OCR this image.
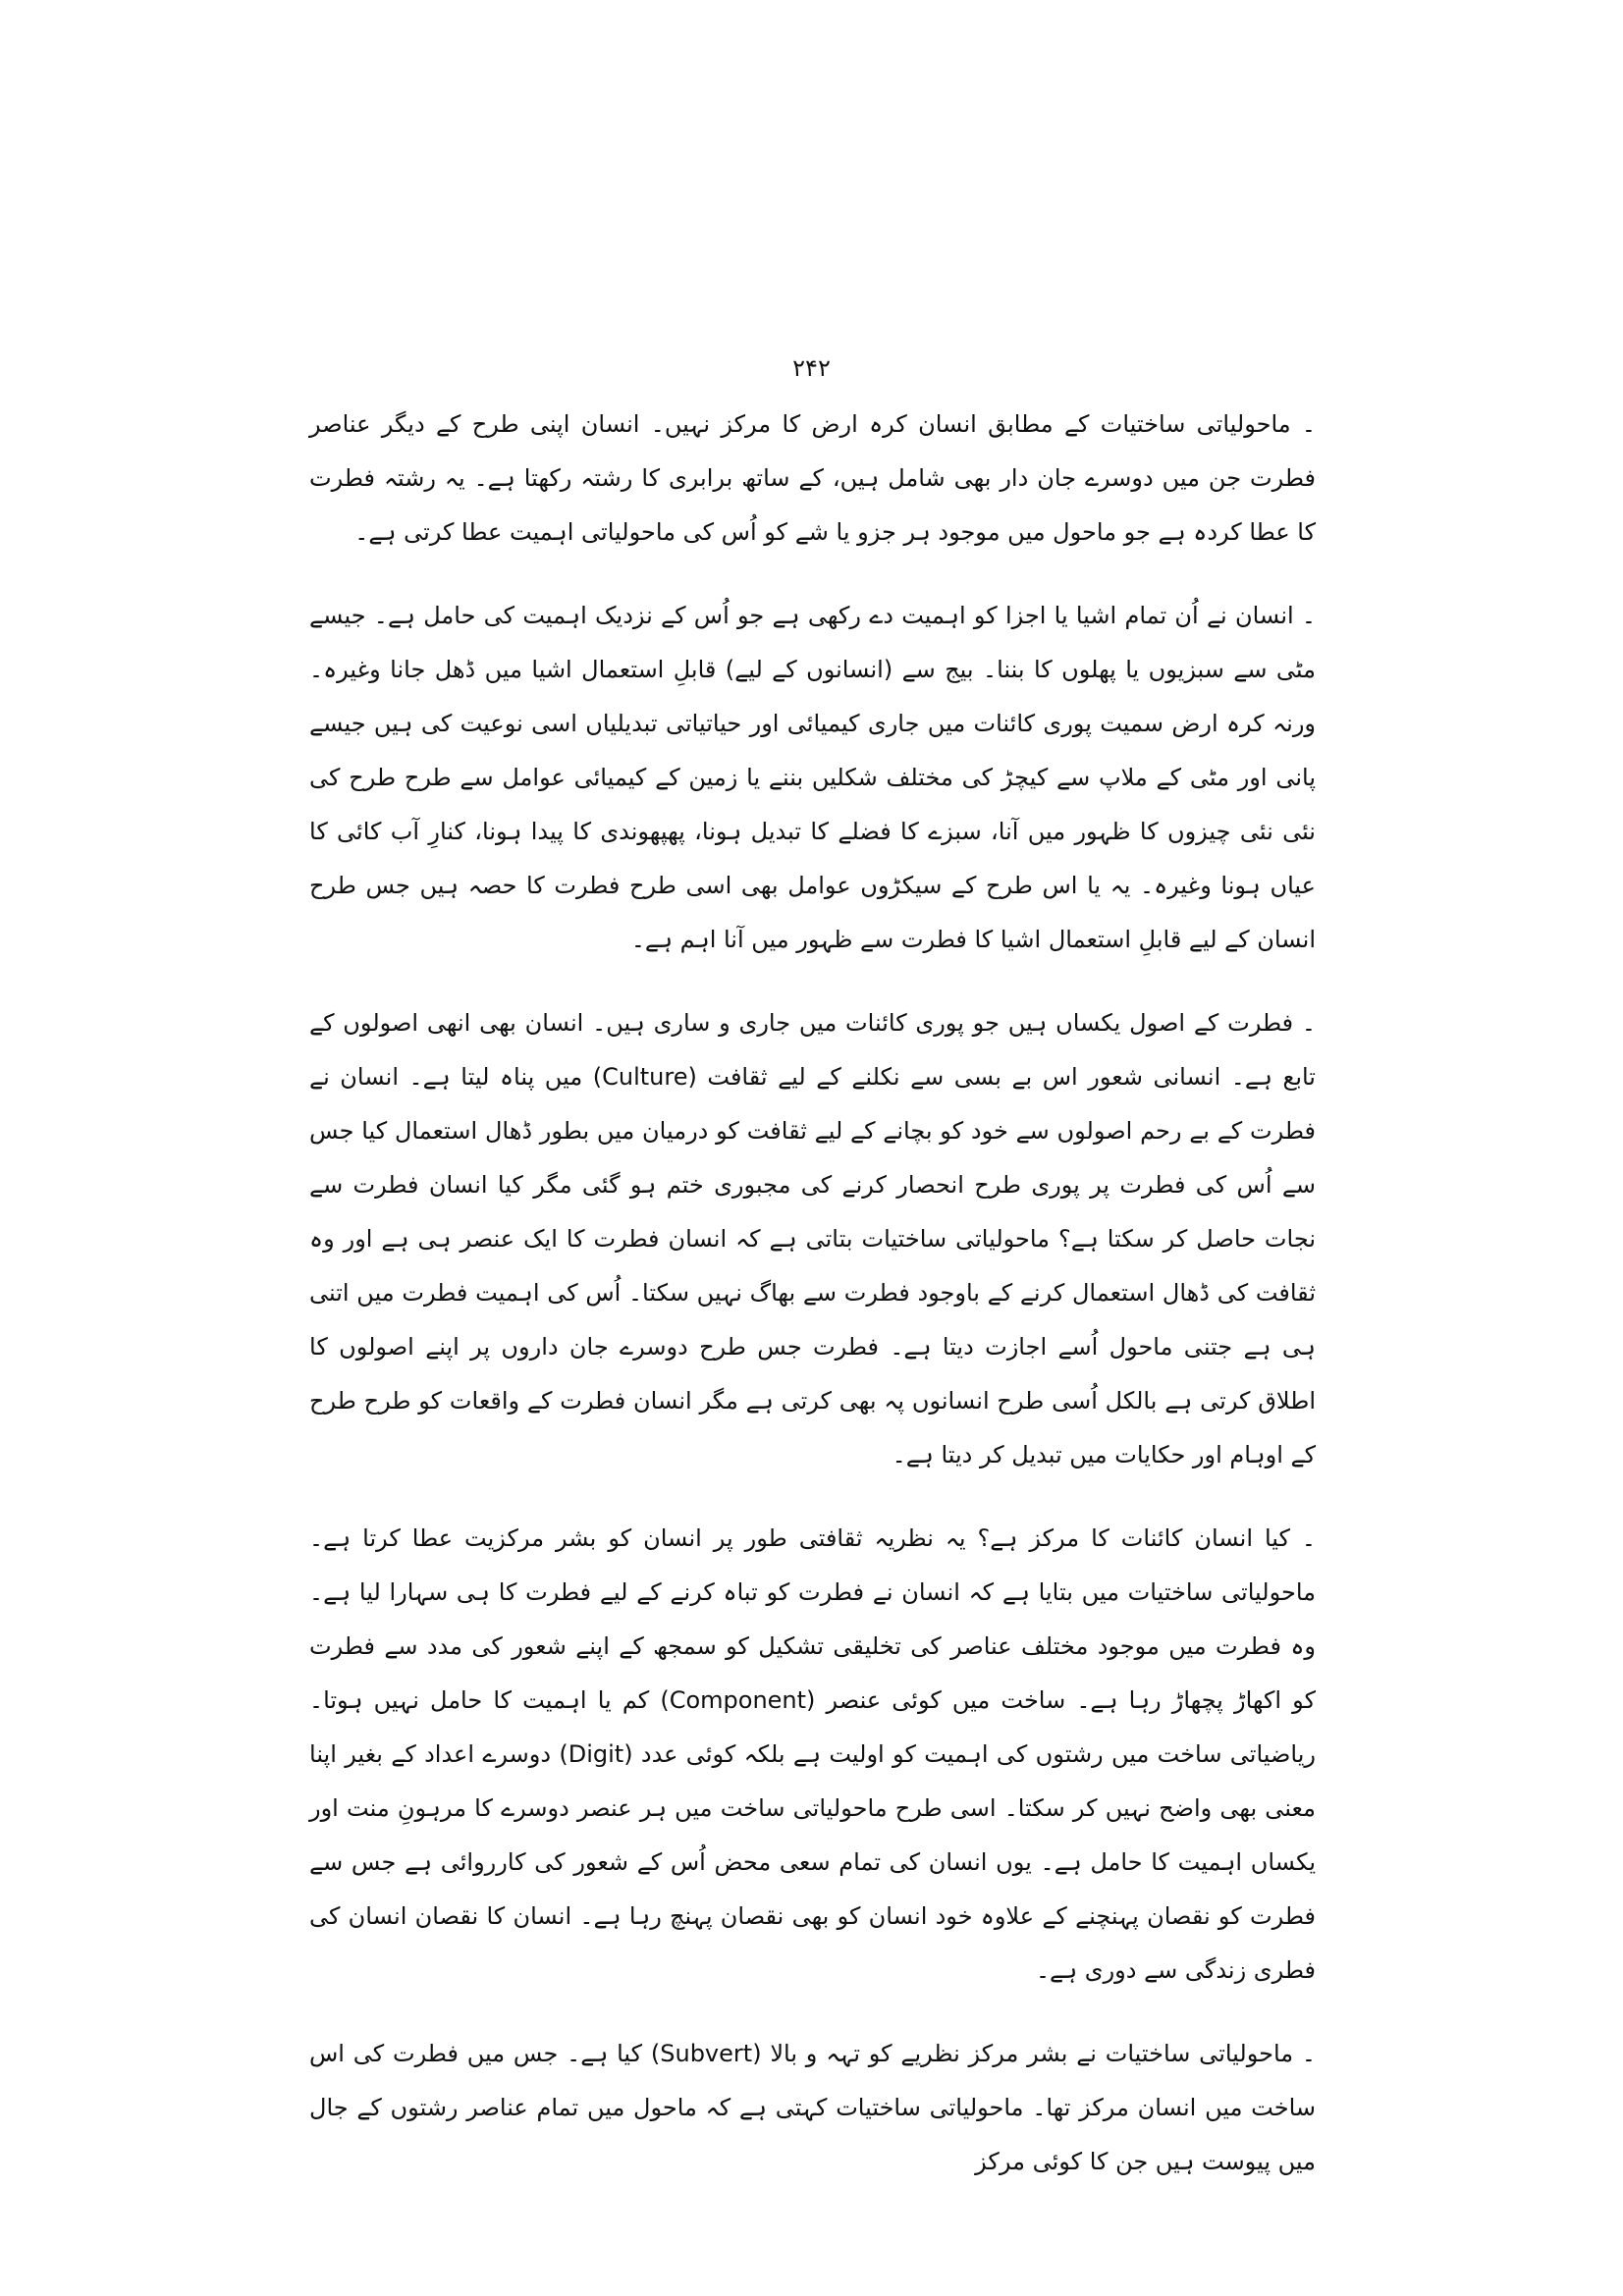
۲۴۲

۔ ماحولیاتی ساختیات کے مطابق انسان کرہ ارض کا مرکز نہیں۔ انسان اپنی طرح کے دیگر عناصر فطرت جن میں دوسرے جان دار بھی شامل ہیں، کے ساتھ برابری کا رشتہ رکھتا ہے۔ یہ رشتہ فطرت کا عطا کردہ ہے جو ماحول میں موجود ہر جزو یا شے کو اُس کی ماحولیاتی اہمیت عطا کرتی ہے۔

۔ انسان نے اُن تمام اشیا یا اجزا کو اہمیت دے رکھی ہے جو اُس کے نزدیک اہمیت کی حامل ہے۔ جیسے مٹی سے سبزیوں یا پھلوں کا بننا۔ بیج سے (انسانوں کے لیے) قابلِ استعمال اشیا میں ڈھل جانا وغیرہ۔ ورنہ کرہ ارض سمیت پوری کائنات میں جاری کیمیائی اور حیاتیاتی تبدیلیاں اسی نوعیت کی ہیں جیسے پانی اور مٹی کے ملاپ سے کیچڑ کی مختلف شکلیں بننے یا زمین کے کیمیائی عوامل سے طرح طرح کی نئی نئی چیزوں کا ظہور میں آنا، سبزے کا فضلے کا تبدیل ہونا، پھپھوندی کا پیدا ہونا، کنارِ آب کائی کا عیاں ہونا وغیرہ۔ یہ یا اس طرح کے سیکڑوں عوامل بھی اسی طرح فطرت کا حصہ ہیں جس طرح انسان کے لیے قابلِ استعمال اشیا کا فطرت سے ظہور میں آنا اہم ہے۔

۔ فطرت کے اصول یکساں ہیں جو پوری کائنات میں جاری و ساری ہیں۔ انسان بھی انھی اصولوں کے تابع ہے۔ انسانی شعور اس بے بسی سے نکلنے کے لیے ثقافت (Culture) میں پناہ لیتا ہے۔ انسان نے فطرت کے بے رحم اصولوں سے خود کو بچانے کے لیے ثقافت کو درمیان میں بطور ڈھال استعمال کیا جس سے اُس کی فطرت پر پوری طرح انحصار کرنے کی مجبوری ختم ہو گئی مگر کیا انسان فطرت سے نجات حاصل کر سکتا ہے؟ ماحولیاتی ساختیات بتاتی ہے کہ انسان فطرت کا ایک عنصر ہی ہے اور وہ ثقافت کی ڈھال استعمال کرنے کے باوجود فطرت سے بھاگ نہیں سکتا۔ اُس کی اہمیت فطرت میں اتنی ہی ہے جتنی ماحول اُسے اجازت دیتا ہے۔ فطرت جس طرح دوسرے جان داروں پر اپنے اصولوں کا اطلاق کرتی ہے بالکل اُسی طرح انسانوں پہ بھی کرتی ہے مگر انسان فطرت کے واقعات کو طرح طرح کے اوہام اور حکایات میں تبدیل کر دیتا ہے۔

۔ کیا انسان کائنات کا مرکز ہے؟ یہ نظریہ ثقافتی طور پر انسان کو بشر مرکزیت عطا کرتا ہے۔ ماحولیاتی ساختیات میں بتایا ہے کہ انسان نے فطرت کو تباہ کرنے کے لیے فطرت کا ہی سہارا لیا ہے۔ وہ فطرت میں موجود مختلف عناصر کی تخلیقی تشکیل کو سمجھ کے اپنے شعور کی مدد سے فطرت کو اکھاڑ پچھاڑ رہا ہے۔ ساخت میں کوئی عنصر (Component) کم یا اہمیت کا حامل نہیں ہوتا۔ ریاضیاتی ساخت میں رشتوں کی اہمیت کو اولیت ہے بلکہ کوئی عدد (Digit) دوسرے اعداد کے بغیر اپنا معنی بھی واضح نہیں کر سکتا۔ اسی طرح ماحولیاتی ساخت میں ہر عنصر دوسرے کا مرہونِ منت اور یکساں اہمیت کا حامل ہے۔ یوں انسان کی تمام سعی محض اُس کے شعور کی کارروائی ہے جس سے فطرت کو نقصان پہنچنے کے علاوہ خود انسان کو بھی نقصان پہنچ رہا ہے۔ انسان کا نقصان انسان کی فطری زندگی سے دوری ہے۔

۔ ماحولیاتی ساختیات نے بشر مرکز نظریے کو تہہ و بالا (Subvert) کیا ہے۔ جس میں فطرت کی اس ساخت میں انسان مرکز تھا۔ ماحولیاتی ساختیات کہتی ہے کہ ماحول میں تمام عناصر رشتوں کے جال میں پیوست ہیں جن کا کوئی مرکز
